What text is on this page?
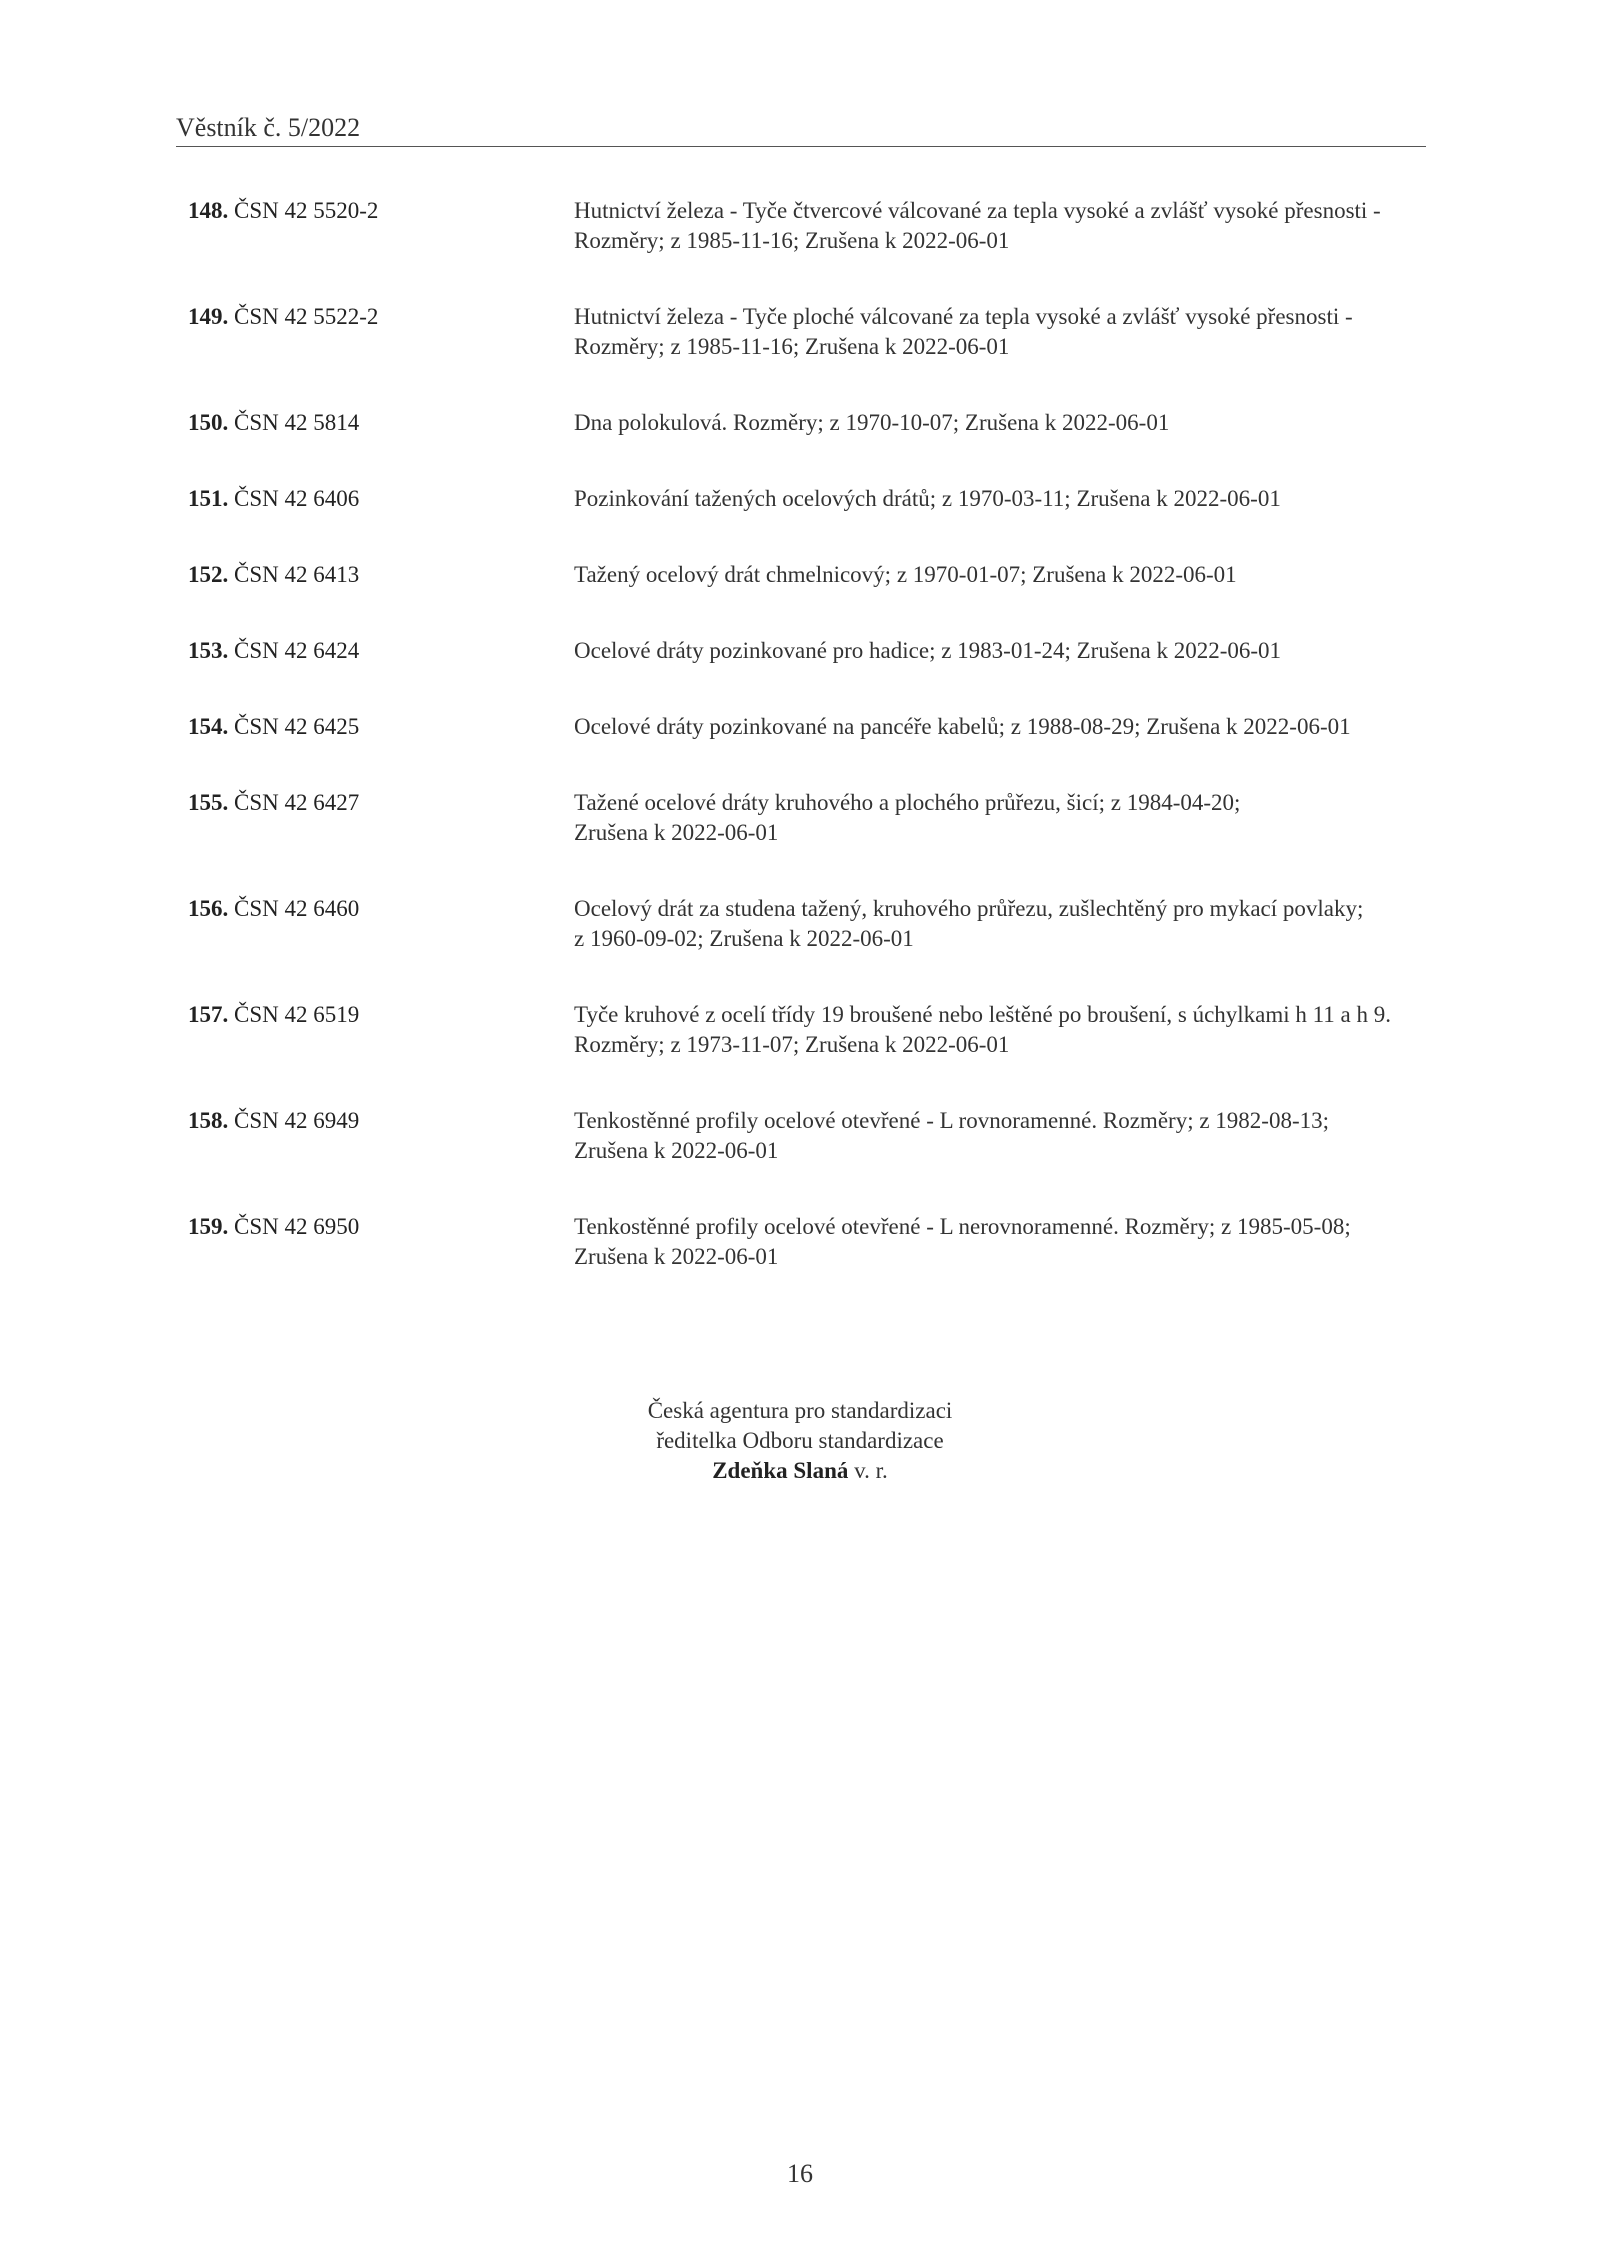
Věstník č. 5/2022
148. ČSN 42 5520-2	Hutnictví železa - Tyče čtvercové válcované za tepla vysoké a zvlášť vysoké přesnosti -
Rozměry; z 1985-11-16; Zrušena k 2022-06-01
149. ČSN 42 5522-2	Hutnictví železa - Tyče ploché válcované za tepla vysoké a zvlášť vysoké přesnosti -
Rozměry; z 1985-11-16; Zrušena k 2022-06-01
150. ČSN 42 5814	Dna polokulová. Rozměry; z 1970-10-07; Zrušena k 2022-06-01
151. ČSN 42 6406	Pozinkování tažených ocelových drátů; z 1970-03-11; Zrušena k 2022-06-01
152. ČSN 42 6413	Tažený ocelový drát chmelnicový; z 1970-01-07; Zrušena k 2022-06-01
153. ČSN 42 6424	Ocelové dráty pozinkované pro hadice; z 1983-01-24; Zrušena k 2022-06-01
154. ČSN 42 6425	Ocelové dráty pozinkované na pancéře kabelů; z 1988-08-29; Zrušena k 2022-06-01
155. ČSN 42 6427	Tažené ocelové dráty kruhového a plochého průřezu, šicí; z 1984-04-20;
Zrušena k 2022-06-01
156. ČSN 42 6460	Ocelový drát za studena tažený, kruhového průřezu, zušlechtěný pro mykací povlaky;
z 1960-09-02; Zrušena k 2022-06-01
157. ČSN 42 6519	Tyče kruhové z ocelí třídy 19 broušené nebo leštěné po broušení, s úchylkami h 11 a h 9.
Rozměry; z 1973-11-07; Zrušena k 2022-06-01
158. ČSN 42 6949	Tenkostěnné profily ocelové otevřené - L rovnoramenné. Rozměry; z 1982-08-13;
Zrušena k 2022-06-01
159. ČSN 42 6950	Tenkostěnné profily ocelové otevřené - L nerovnoramenné. Rozměry; z 1985-05-08;
Zrušena k 2022-06-01
Česká agentura pro standardizaci
ředitelka Odboru standardizace
Zdeňka Slaná v. r.
16
